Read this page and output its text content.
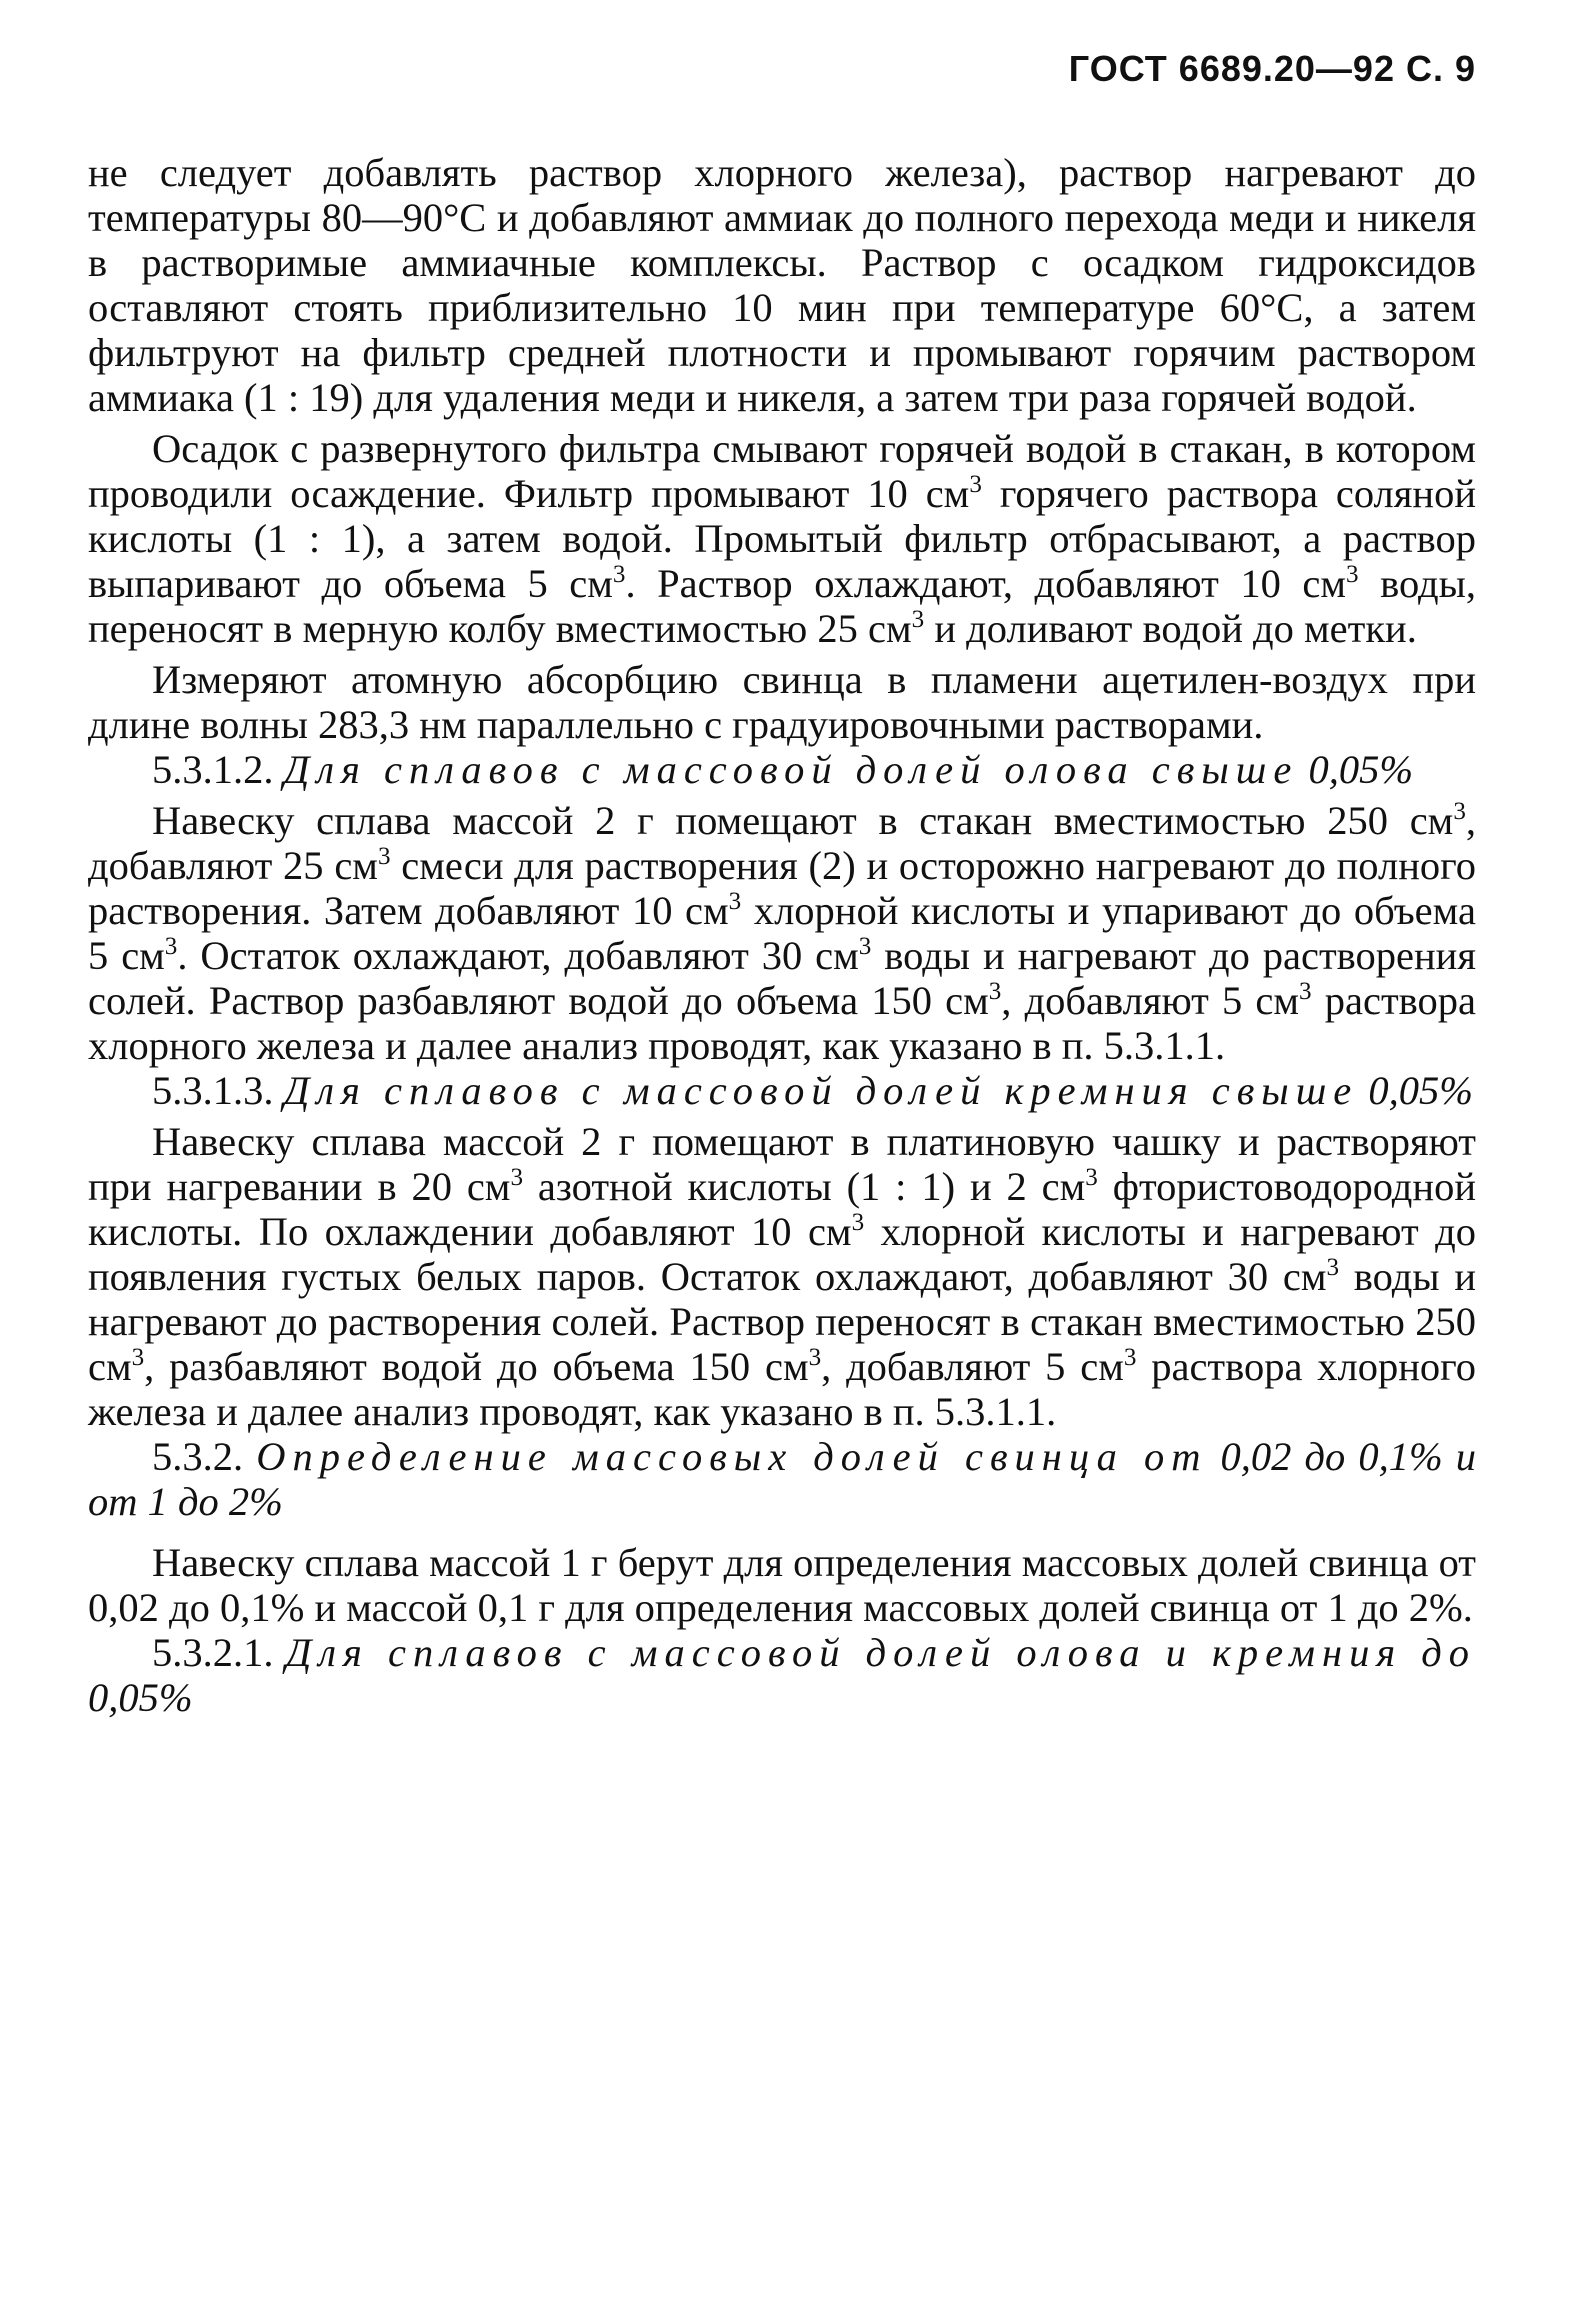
ГОСТ 6689.20—92 С. 9

не следует добавлять раствор хлорного железа), раствор нагревают до температуры 80—90°С и добавляют аммиак до полного перехода меди и никеля в растворимые аммиачные комплексы. Раствор с осадком гидроксидов оставляют стоять приблизительно 10 мин при температуре 60°С, а затем фильтруют на фильтр средней плотности и промывают горячим раствором аммиака (1 : 19) для удаления меди и никеля, а затем три раза горячей водой.

Осадок с развернутого фильтра смывают горячей водой в стакан, в котором проводили осаждение. Фильтр промывают 10 $см^3$ горячего раствора соляной кислоты (1 : 1), а затем водой. Промытый фильтр отбрасывают, а раствор выпаривают до объема 5 $см^3$. Раствор охлаждают, добавляют 10 $см^3$ воды, переносят в мерную колбу вместимостью 25 $см^3$ и доливают водой до метки.

Измеряют атомную абсорбцию свинца в пламени ацетилен-воздух при длине волны 283,3 нм параллельно с градуировочными растворами.

5.3.1.2. Для сплавов с массовой долей олова свыше 0,05%

Навеску сплава массой 2 г помещают в стакан вместимостью 250 $см^3$, добавляют 25 $см^3$ смеси для растворения (2) и осторожно нагревают до полного растворения. Затем добавляют 10 $см^3$ хлорной кислоты и упаривают до объема 5 $см^3$. Остаток охлаждают, добавляют 30 $см^3$ воды и нагревают до растворения солей. Раствор разбавляют водой до объема 150 $см^3$, добавляют 5 $см^3$ раствора хлорного железа и далее анализ проводят, как указано в п. 5.3.1.1.

5.3.1.3. Для сплавов с массовой долей кремния свыше 0,05%

Навеску сплава массой 2 г помещают в платиновую чашку и растворяют при нагревании в 20 $см^3$ азотной кислоты (1 : 1) и 2 $см^3$ фтористоводородной кислоты. По охлаждении добавляют 10 $см^3$ хлорной кислоты и нагревают до появления густых белых паров. Остаток охлаждают, добавляют 30 $см^3$ воды и нагревают до растворения солей. Раствор переносят в стакан вместимостью 250 $см^3$, разбавляют водой до объема 150 $см^3$, добавляют 5 $см^3$ раствора хлорного железа и далее анализ проводят, как указано в п. 5.3.1.1.

5.3.2. Определение массовых долей свинца от 0,02 до 0,1% и от 1 до 2%

Навеску сплава массой 1 г берут для определения массовых долей свинца от 0,02 до 0,1% и массой 0,1 г для определения массовых долей свинца от 1 до 2%.

5.3.2.1. Для сплавов с массовой долей олова и кремния до 0,05%
